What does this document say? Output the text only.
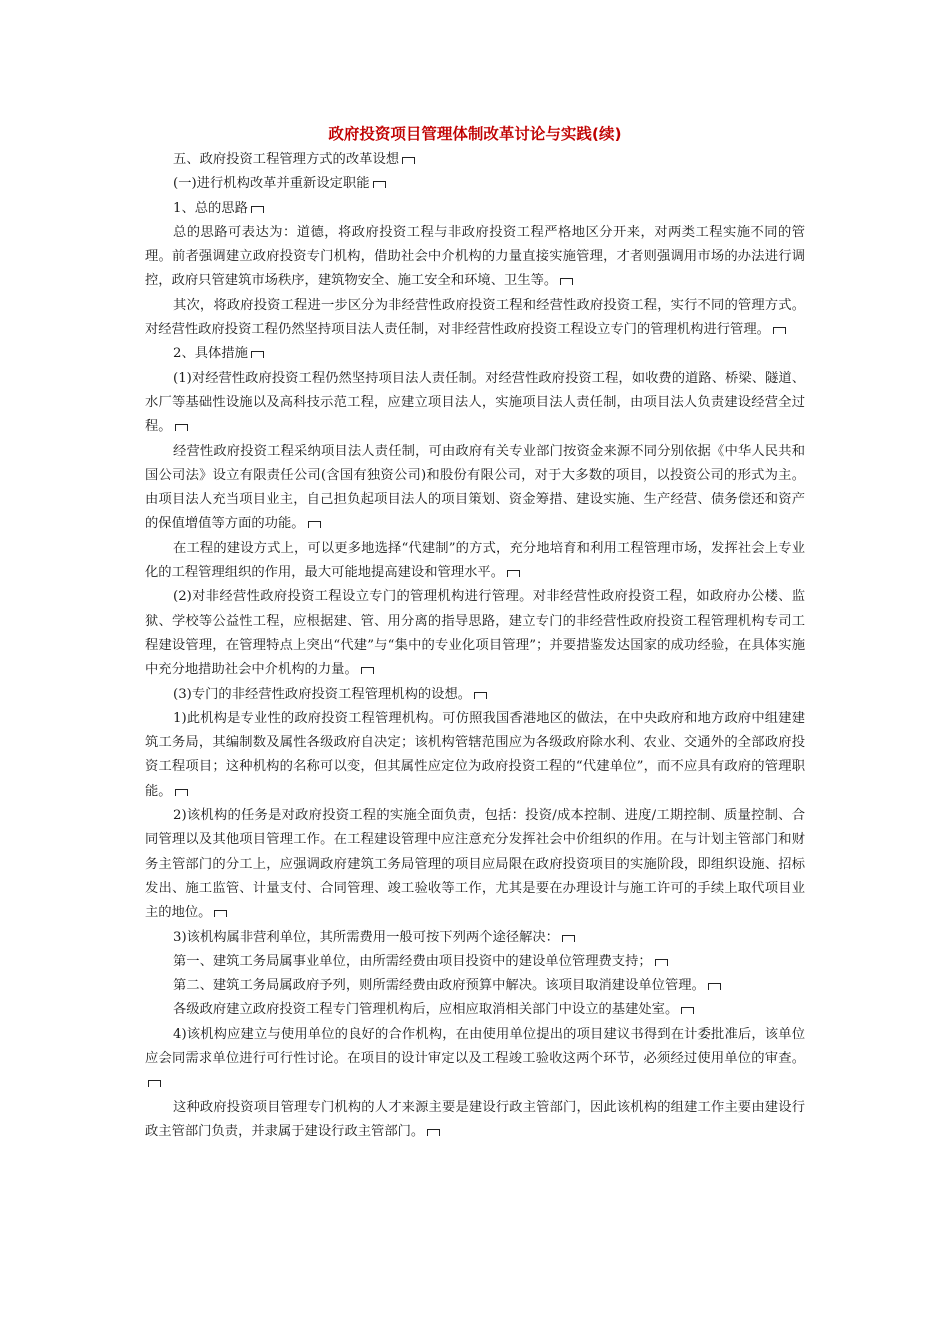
政府投资项目管理体制改革讨论与实践(续)

五、政府投资工程管理方式的改革设想

(一)进行机构改革并重新设定职能

1、总的思路

总的思路可表达为：道德，将政府投资工程与非政府投资工程严格地区分开来，对两类工程实施不同的管理。前者强调建立政府投资专门机构，借助社会中介机构的力量直接实施管理，才者则强调用市场的办法进行调控，政府只管建筑市场秩序，建筑物安全、施工安全和环境、卫生等。

其次，将政府投资工程进一步区分为非经营性政府投资工程和经营性政府投资工程，实行不同的管理方式。对经营性政府投资工程仍然坚持项目法人责任制，对非经营性政府投资工程设立专门的管理机构进行管理。

2、具体措施

(1)对经营性政府投资工程仍然坚持项目法人责任制。对经营性政府投资工程，如收费的道路、桥梁、隧道、水厂等基础性设施以及高科技示范工程，应建立项目法人，实施项目法人责任制，由项目法人负责建设经营全过程。

经营性政府投资工程采纳项目法人责任制，可由政府有关专业部门按资金来源不同分别依据《中华人民共和国公司法》设立有限责任公司(含国有独资公司)和股份有限公司，对于大多数的项目，以投资公司的形式为主。由项目法人充当项目业主，自己担负起项目法人的项目策划、资金筹措、建设实施、生产经营、债务偿还和资产的保值增值等方面的功能。

在工程的建设方式上，可以更多地选择“代建制”的方式，充分地培育和利用工程管理市场，发挥社会上专业化的工程管理组织的作用，最大可能地提高建设和管理水平。

(2)对非经营性政府投资工程设立专门的管理机构进行管理。对非经营性政府投资工程，如政府办公楼、监狱、学校等公益性工程，应根据建、管、用分离的指导思路，建立专门的非经营性政府投资工程管理机构专司工程建设管理，在管理特点上突出“代建”与“集中的专业化项目管理”；并要措鉴发达国家的成功经验，在具体实施中充分地措助社会中介机构的力量。

(3)专门的非经营性政府投资工程管理机构的设想。

1)此机构是专业性的政府投资工程管理机构。可仿照我国香港地区的做法，在中央政府和地方政府中组建建筑工务局，其编制数及属性各级政府自决定；该机构管辖范围应为各级政府除水利、农业、交通外的全部政府投资工程项目；这种机构的名称可以变，但其属性应定位为政府投资工程的“代建单位”，而不应具有政府的管理职能。

2)该机构的任务是对政府投资工程的实施全面负责，包括：投资/成本控制、进度/工期控制、质量控制、合同管理以及其他项目管理工作。在工程建设管理中应注意充分发挥社会中价组织的作用。在与计划主管部门和财务主管部门的分工上，应强调政府建筑工务局管理的项目应局限在政府投资项目的实施阶段，即组织设施、招标发出、施工监管、计量支付、合同管理、竣工验收等工作，尤其是要在办理设计与施工许可的手续上取代项目业主的地位。

3)该机构属非营利单位，其所需费用一般可按下列两个途径解决：

第一、建筑工务局属事业单位，由所需经费由项目投资中的建设单位管理费支持；

第二、建筑工务局属政府予列，则所需经费由政府预算中解决。该项目取消建设单位管理。

各级政府建立政府投资工程专门管理机构后，应相应取消相关部门中设立的基建处室。

4)该机构应建立与使用单位的良好的合作机构，在由使用单位提出的项目建议书得到在计委批准后，该单位应会同需求单位进行可行性讨论。在项目的设计审定以及工程竣工验收这两个环节，必须经过使用单位的审查。

这种政府投资项目管理专门机构的人才来源主要是建设行政主管部门，因此该机构的组建工作主要由建设行政主管部门负责，并隶属于建设行政主管部门。
